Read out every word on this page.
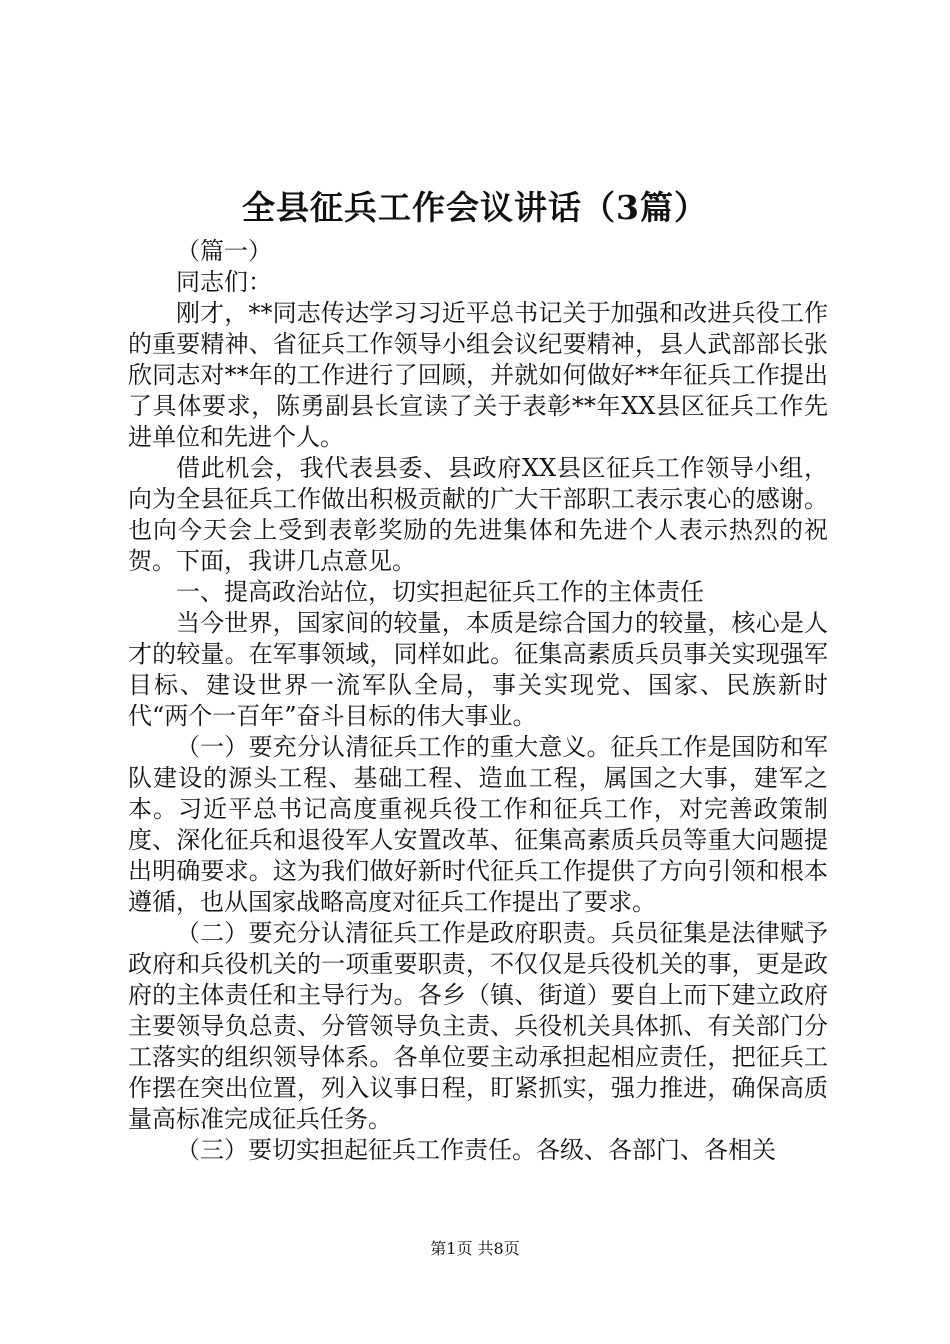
全县征兵工作会议讲话（3篇）

（篇一）

同志们：

刚才，**同志传达学习习近平总书记关于加强和改进兵役工作的重要精神、省征兵工作领导小组会议纪要精神，县人武部部长张欣同志对**年的工作进行了回顾，并就如何做好**年征兵工作提出了具体要求，陈勇副县长宣读了关于表彰**年XX县区征兵工作先进单位和先进个人。

借此机会，我代表县委、县政府XX县区征兵工作领导小组，向为全县征兵工作做出积极贡献的广大干部职工表示衷心的感谢。也向今天会上受到表彰奖励的先进集体和先进个人表示热烈的祝贺。下面，我讲几点意见。

一、提高政治站位，切实担起征兵工作的主体责任

当今世界，国家间的较量，本质是综合国力的较量，核心是人才的较量。在军事领域，同样如此。征集高素质兵员事关实现强军目标、建设世界一流军队全局，事关实现党、国家、民族新时代“两个一百年”奋斗目标的伟大事业。

（一）要充分认清征兵工作的重大意义。征兵工作是国防和军队建设的源头工程、基础工程、造血工程，属国之大事，建军之本。习近平总书记高度重视兵役工作和征兵工作，对完善政策制度、深化征兵和退役军人安置改革、征集高素质兵员等重大问题提出明确要求。这为我们做好新时代征兵工作提供了方向引领和根本遵循，也从国家战略高度对征兵工作提出了要求。

（二）要充分认清征兵工作是政府职责。兵员征集是法律赋予政府和兵役机关的一项重要职责，不仅仅是兵役机关的事，更是政府的主体责任和主导行为。各乡（镇、街道）要自上而下建立政府主要领导负总责、分管领导负主责、兵役机关具体抓、有关部门分工落实的组织领导体系。各单位要主动承担起相应责任，把征兵工作摆在突出位置，列入议事日程，盯紧抓实，强力推进，确保高质量高标准完成征兵任务。

（三）要切实担起征兵工作责任。各级、各部门、各相关

第1页 共8页
